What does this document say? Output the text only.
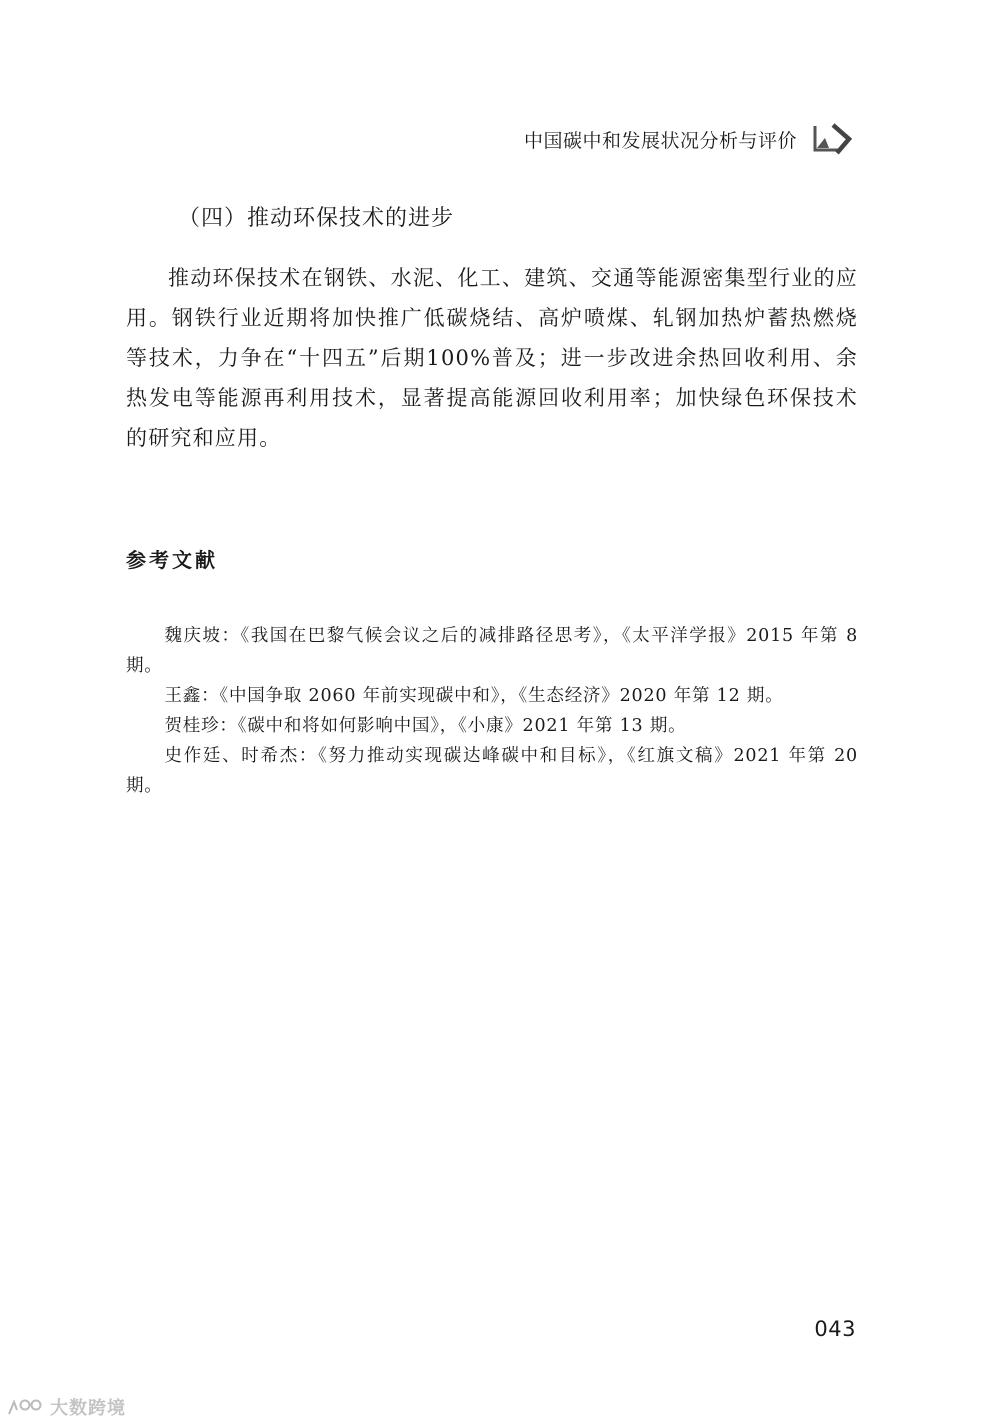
中国碳中和发展状况分析与评价
（四）推动环保技术的进步

推动环保技术在钢铁、水泥、化工、建筑、交通等能源密集型行业的应用。钢铁行业近期将加快推广低碳烧结、高炉喷煤、轧钢加热炉蓄热燃烧等技术，力争在“十四五”后期100%普及；进一步改进余热回收利用、余热发电等能源再利用技术，显著提高能源回收利用率；加快绿色环保技术的研究和应用。

参考文献
魏庆坡：《我国在巴黎气候会议之后的减排路径思考》，《太平洋学报》2015 年第 8 期。
王鑫：《中国争取 2060 年前实现碳中和》，《生态经济》2020 年第 12 期。
贺桂珍：《碳中和将如何影响中国》，《小康》2021 年第 13 期。
史作廷、时希杰：《努力推动实现碳达峰碳中和目标》，《红旗文稿》2021 年第 20 期。
043
大数跨境
